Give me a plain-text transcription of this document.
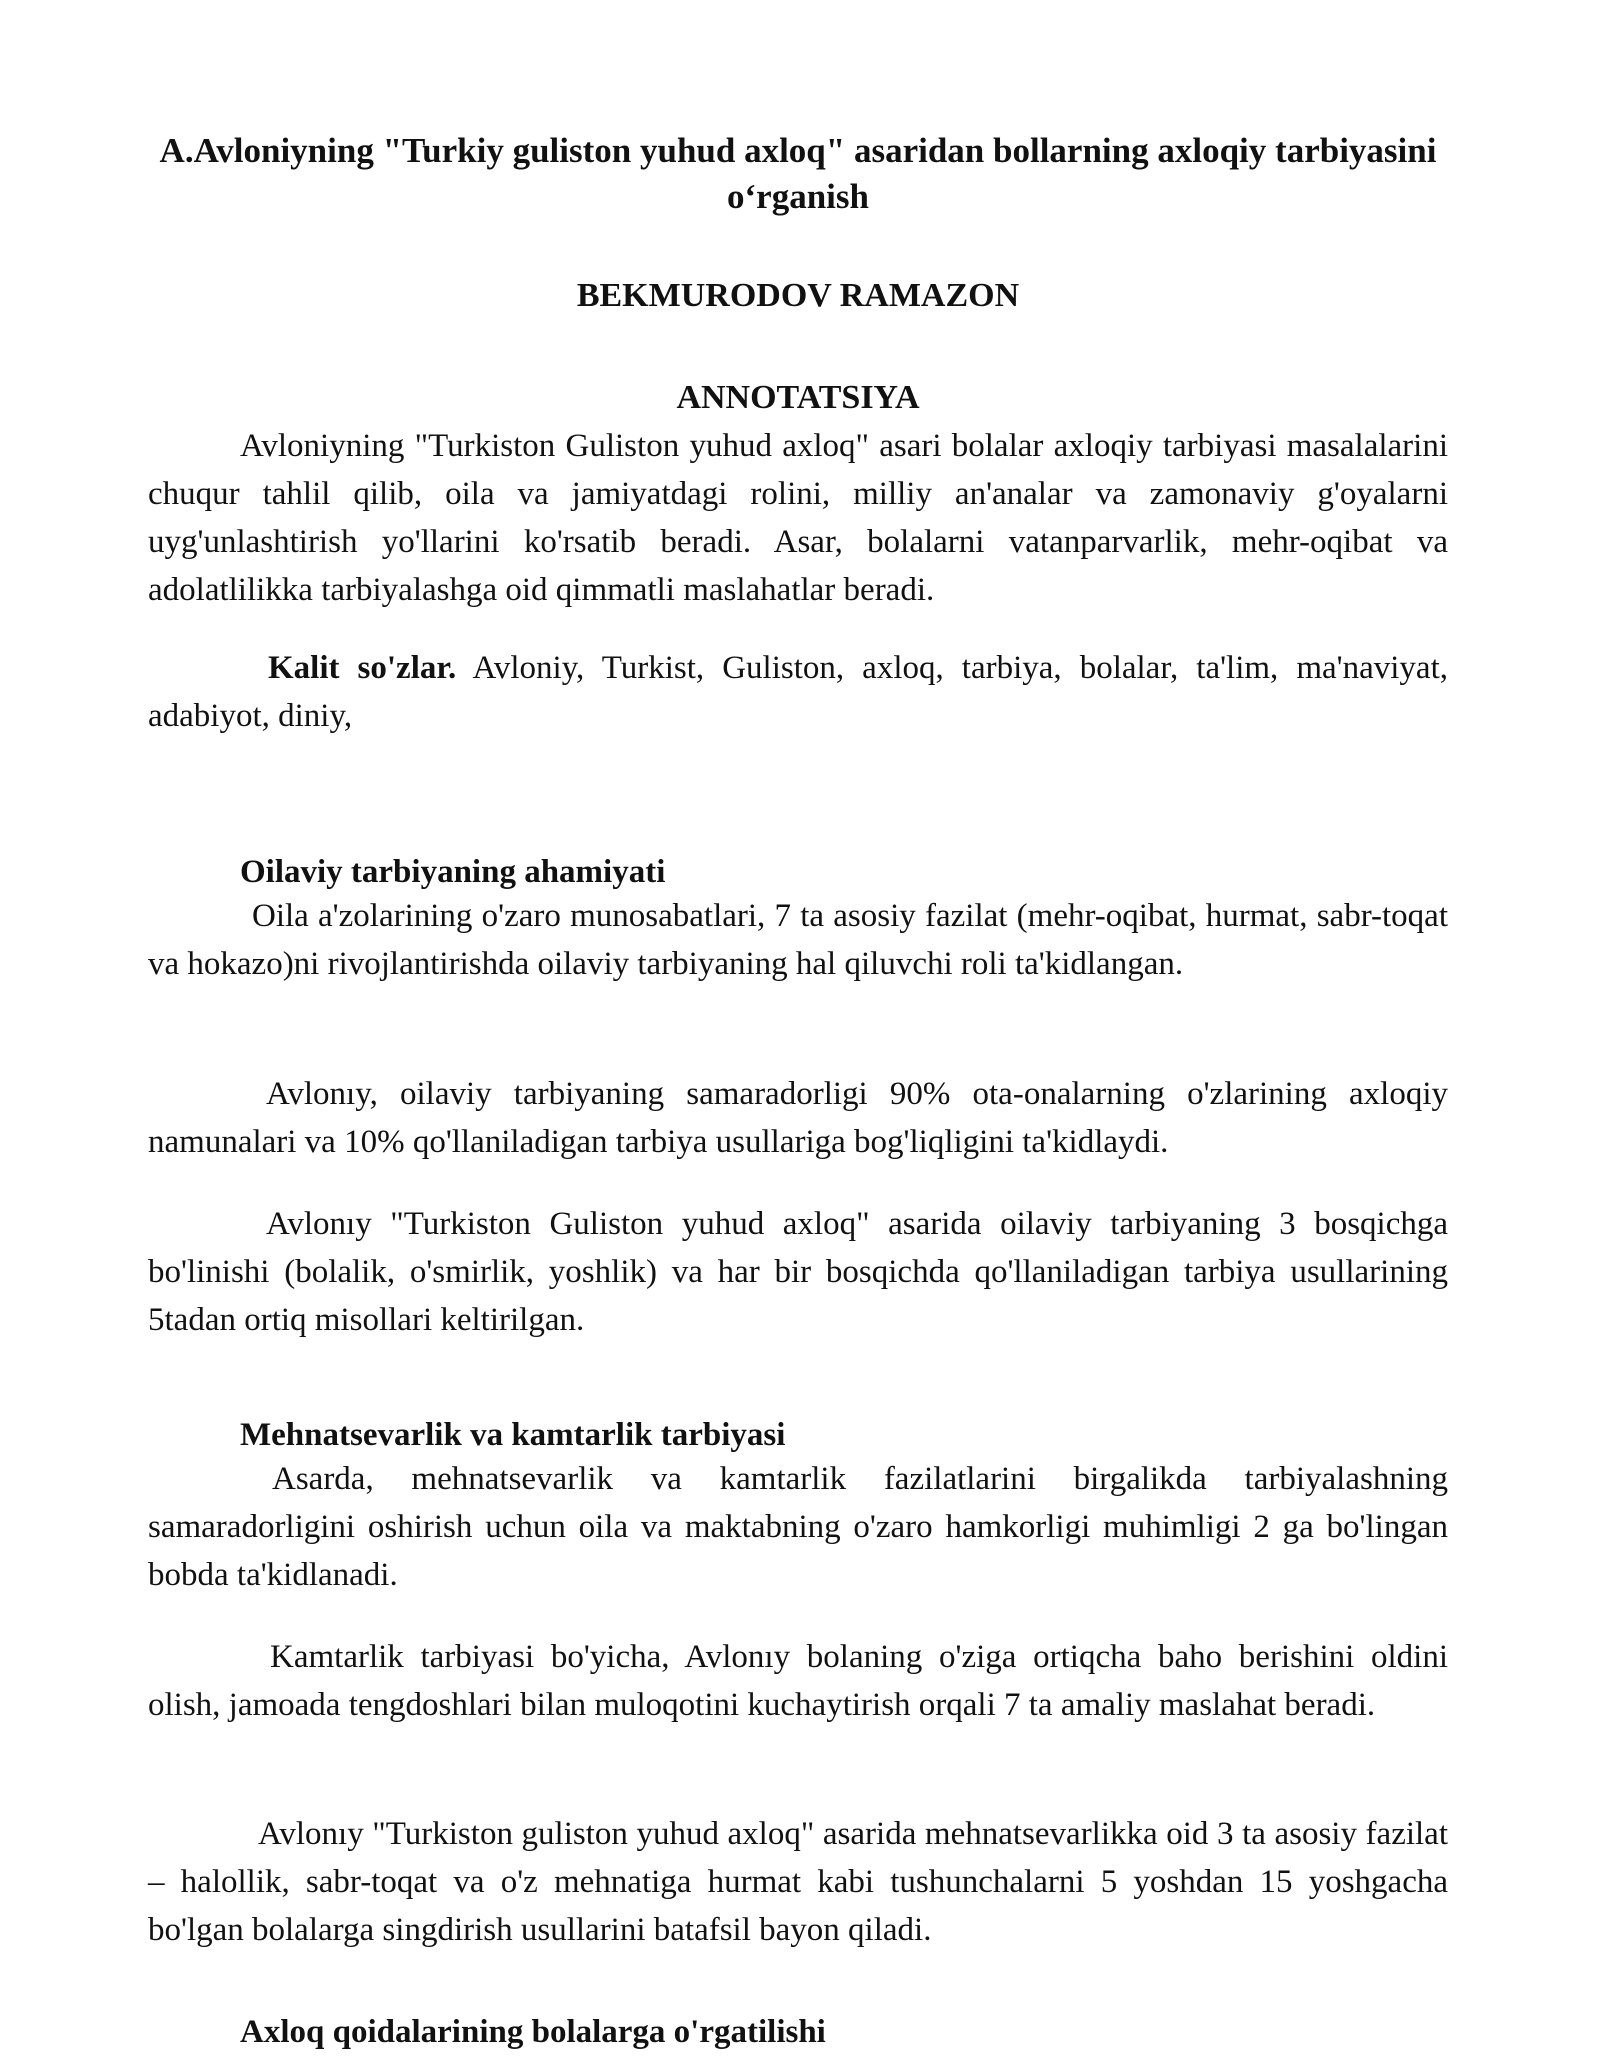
A.Avloniyning "Turkiy guliston yuhud axloq" asaridan bollarning axloqiy tarbiyasini o‘rganish
BEKMURODOV RAMAZON
ANNOTATSIYA
Avloniyning "Turkiston Guliston yuhud axloq" asari bolalar axloqiy tarbiyasi masalalarini chuqur tahlil qilib, oila va jamiyatdagi rolini, milliy an'analar va zamonaviy g'oyalarni uyg'unlashtirish yo'llarini ko'rsatib beradi. Asar, bolalarni vatanparvarlik, mehr-oqibat va adolatlilikka tarbiyalashga oid qimmatli maslahatlar beradi.
Kalit so'zlar. Avloniy, Turkist, Guliston, axloq, tarbiya, bolalar, ta'lim, ma'naviyat, adabiyot, diniy,
Oilaviy tarbiyaning ahamiyati
Oila a'zolarining o'zaro munosabatlari, 7 ta asosiy fazilat (mehr-oqibat, hurmat, sabr-toqat va hokazo)ni rivojlantirishda oilaviy tarbiyaning hal qiluvchi roli ta'kidlangan.
Avlonıy, oilaviy tarbiyaning samaradorligi 90% ota-onalarning o'zlarining axloqiy namunalari va 10% qo'llaniladigan tarbiya usullariga bog'liqligini ta'kidlaydi.
Avlonıy "Turkiston Guliston yuhud axloq" asarida oilaviy tarbiyaning 3 bosqichga bo'linishi (bolalik, o'smirlik, yoshlik) va har bir bosqichda qo'llaniladigan tarbiya usullarining 5tadan ortiq misollari keltirilgan.
Mehnatsevarlik va kamtarlik tarbiyasi
Asarda, mehnatsevarlik va kamtarlik fazilatlarini birgalikda tarbiyalashning samaradorligini oshirish uchun oila va maktabning o'zaro hamkorligi muhimligi 2 ga bo'lingan bobda ta'kidlanadi.
Kamtarlik tarbiyasi bo'yicha, Avlonıy bolaning o'ziga ortiqcha baho berishini oldini olish, jamoada tengdoshlari bilan muloqotini kuchaytirish orqali 7 ta amaliy maslahat beradi.
Avlonıy "Turkiston guliston yuhud axloq" asarida mehnatsevarlikka oid 3 ta asosiy fazilat – halollik, sabr-toqat va o'z mehnatiga hurmat kabi tushunchalarni 5 yoshdan 15 yoshgacha bo'lgan bolalarga singdirish usullarini batafsil bayon qiladi.
Axloq qoidalarining bolalarga o'rgatilishi
